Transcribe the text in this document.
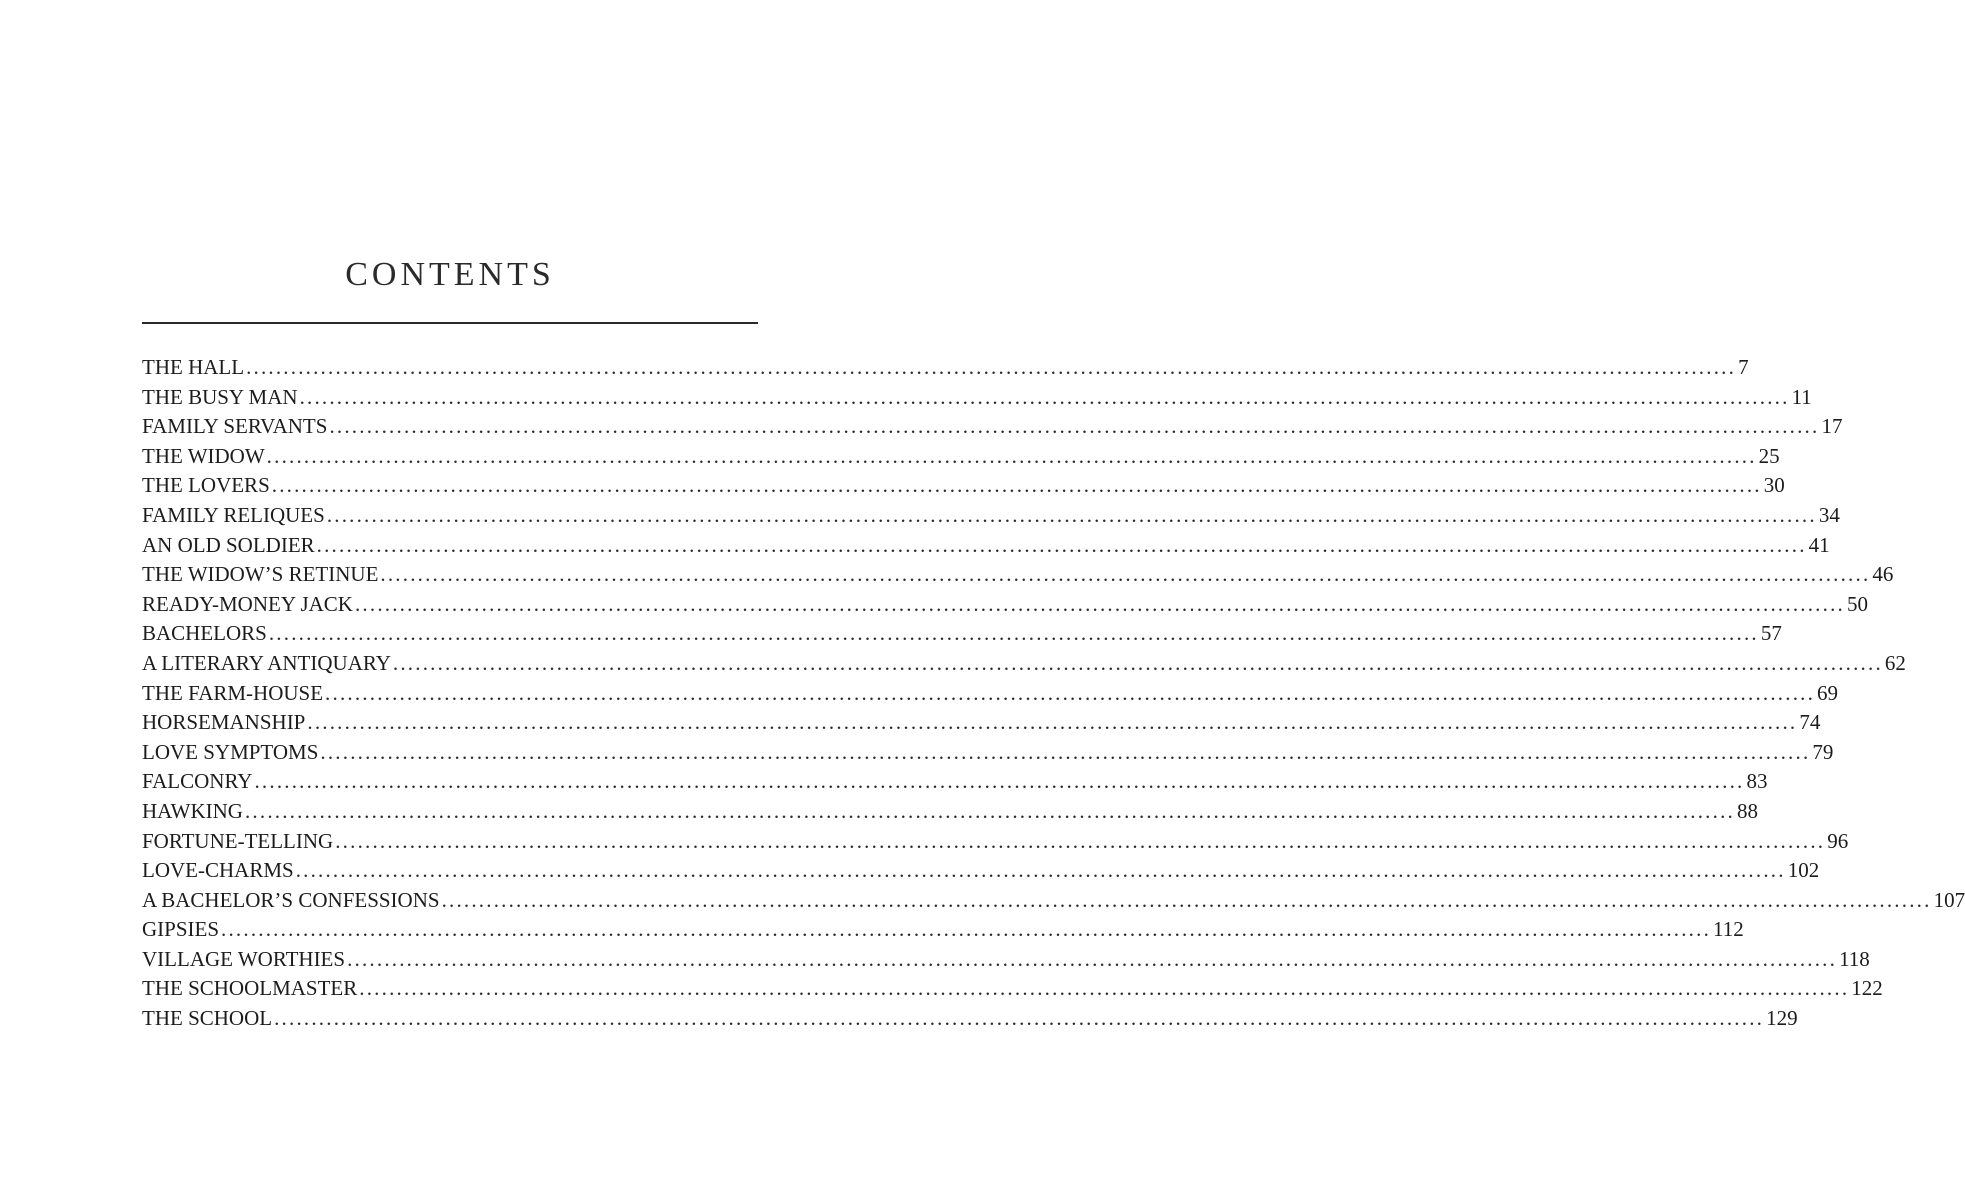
CONTENTS
THE HALL ........................................................................................................................................................................................................ 7
THE BUSY MAN ........................................................................................................................................................................................................ 11
FAMILY SERVANTS ........................................................................................................................................................................................................ 17
THE WIDOW ........................................................................................................................................................................................................ 25
THE LOVERS ........................................................................................................................................................................................................ 30
FAMILY RELIQUES ........................................................................................................................................................................................................ 34
AN OLD SOLDIER ........................................................................................................................................................................................................ 41
THE WIDOW’S RETINUE ........................................................................................................................................................................................................ 46
READY-MONEY JACK ........................................................................................................................................................................................................ 50
BACHELORS ........................................................................................................................................................................................................ 57
A LITERARY ANTIQUARY ........................................................................................................................................................................................................ 62
THE FARM-HOUSE ........................................................................................................................................................................................................ 69
HORSEMANSHIP ........................................................................................................................................................................................................ 74
LOVE SYMPTOMS ........................................................................................................................................................................................................ 79
FALCONRY ........................................................................................................................................................................................................ 83
HAWKING ........................................................................................................................................................................................................ 88
FORTUNE-TELLING ........................................................................................................................................................................................................ 96
LOVE-CHARMS ........................................................................................................................................................................................................ 102
A BACHELOR’S CONFESSIONS ........................................................................................................................................................................................................ 107
GIPSIES ........................................................................................................................................................................................................ 112
VILLAGE WORTHIES ........................................................................................................................................................................................................ 118
THE SCHOOLMASTER ........................................................................................................................................................................................................ 122
THE SCHOOL ........................................................................................................................................................................................................ 129
